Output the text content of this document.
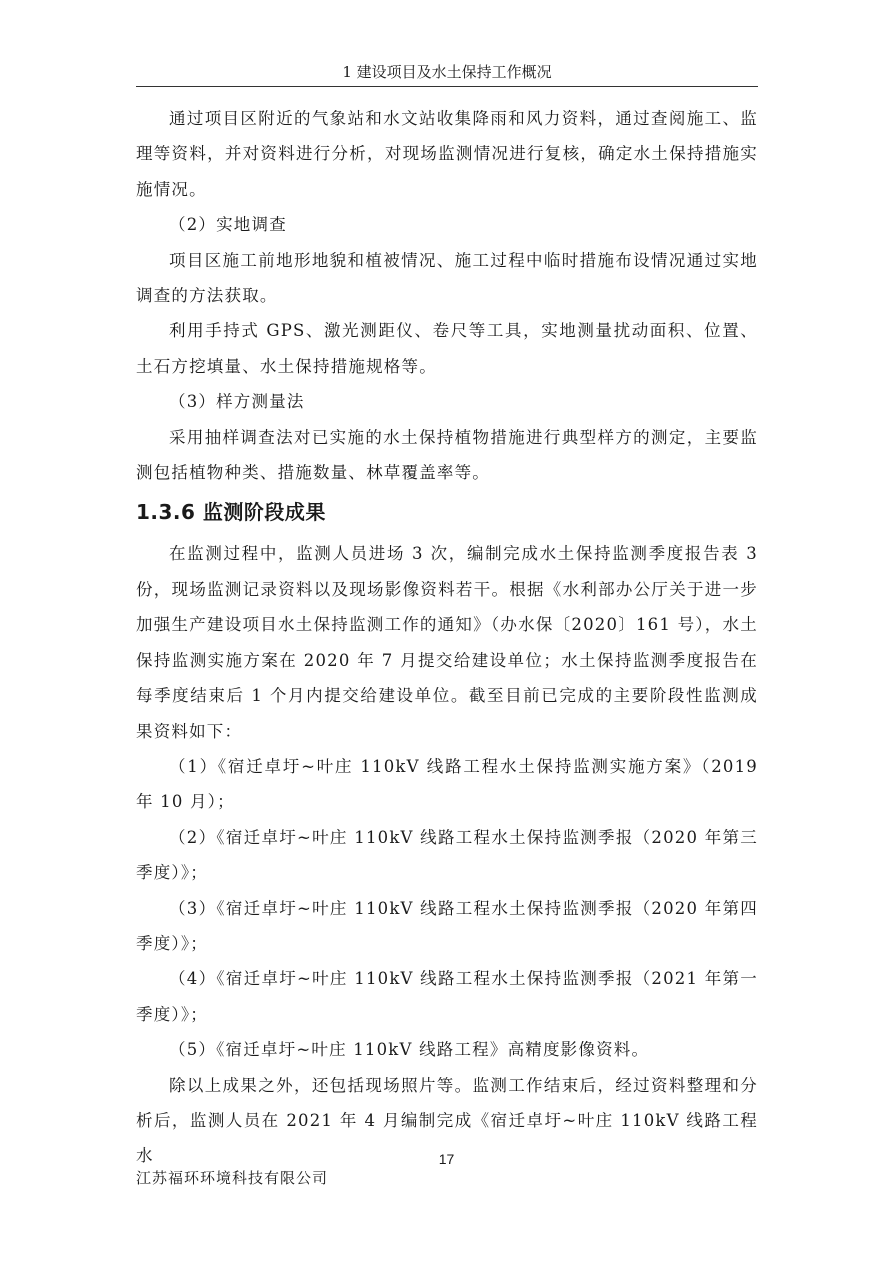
1 建设项目及水土保持工作概况

通过项目区附近的气象站和水文站收集降雨和风力资料，通过查阅施工、监理等资料，并对资料进行分析，对现场监测情况进行复核，确定水土保持措施实施情况。

（2）实地调查

项目区施工前地形地貌和植被情况、施工过程中临时措施布设情况通过实地调查的方法获取。

利用手持式 GPS、激光测距仪、卷尺等工具，实地测量扰动面积、位置、土石方挖填量、水土保持措施规格等。

（3）样方测量法

采用抽样调查法对已实施的水土保持植物措施进行典型样方的测定，主要监测包括植物种类、措施数量、林草覆盖率等。

1.3.6 监测阶段成果

在监测过程中，监测人员进场 3 次，编制完成水土保持监测季度报告表 3 份，现场监测记录资料以及现场影像资料若干。根据《水利部办公厅关于进一步加强生产建设项目水土保持监测工作的通知》（办水保〔2020〕161 号），水土保持监测实施方案在 2020 年 7 月提交给建设单位；水土保持监测季度报告在每季度结束后 1 个月内提交给建设单位。截至目前已完成的主要阶段性监测成果资料如下：

（1）《宿迁卓圩~叶庄 110kV 线路工程水土保持监测实施方案》（2019 年 10 月）；

（2）《宿迁卓圩~叶庄 110kV 线路工程水土保持监测季报（2020 年第三季度）》；

（3）《宿迁卓圩~叶庄 110kV 线路工程水土保持监测季报（2020 年第四季度）》；

（4）《宿迁卓圩~叶庄 110kV 线路工程水土保持监测季报（2021 年第一季度）》；

（5）《宿迁卓圩~叶庄 110kV 线路工程》高精度影像资料。

除以上成果之外，还包括现场照片等。监测工作结束后，经过资料整理和分析后，监测人员在 2021 年 4 月编制完成《宿迁卓圩~叶庄 110kV 线路工程水	17
江苏福环环境科技有限公司
